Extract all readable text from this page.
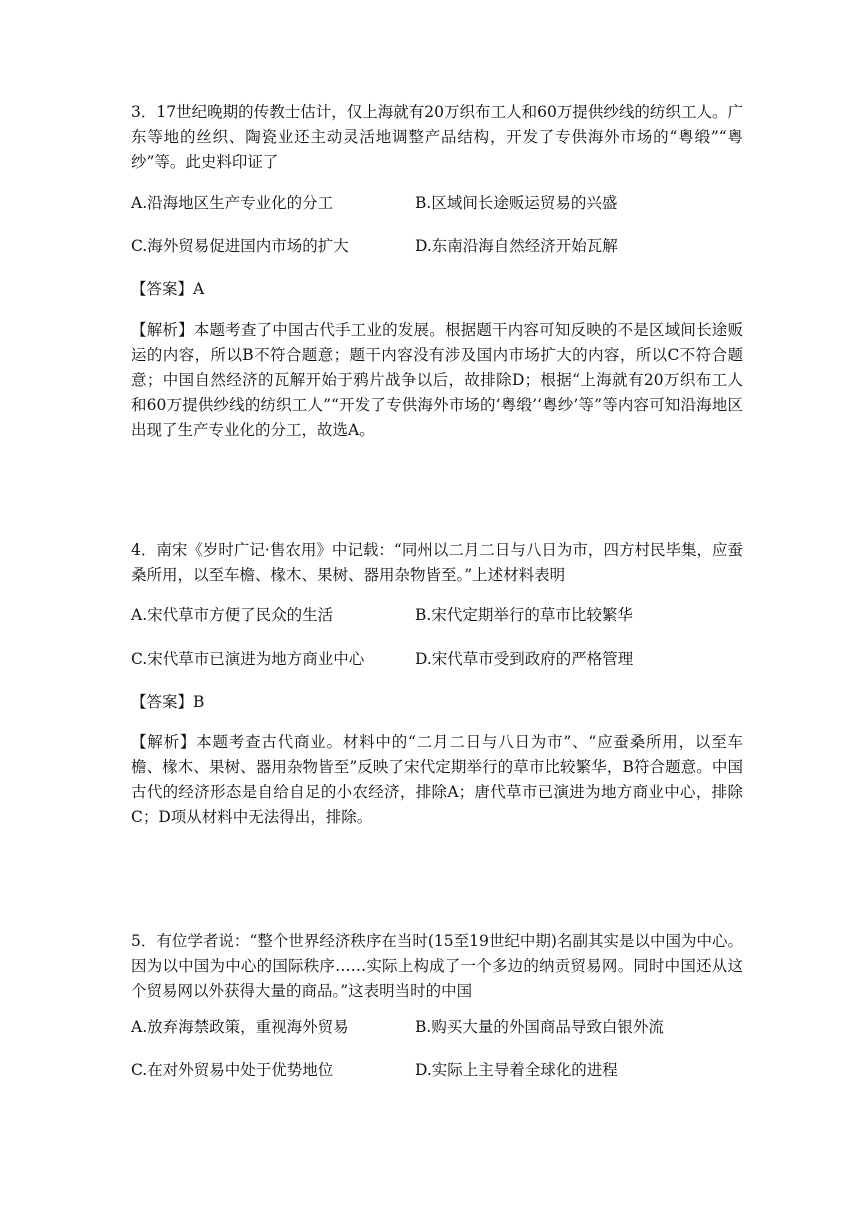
3．17世纪晚期的传教士估计，仅上海就有20万织布工人和60万提供纱线的纺织工人。广东等地的丝织、陶瓷业还主动灵活地调整产品结构，开发了专供海外市场的“粤缎”“粤纱”等。此史料印证了

A.沿海地区生产专业化的分工	B.区域间长途贩运贸易的兴盛
C.海外贸易促进国内市场的扩大	D.东南沿海自然经济开始瓦解
【答案】A

【解析】本题考查了中国古代手工业的发展。根据题干内容可知反映的不是区域间长途贩运的内容，所以B不符合题意；题干内容没有涉及国内市场扩大的内容，所以C不符合题意；中国自然经济的瓦解开始于鸦片战争以后，故排除D；根据“上海就有20万织布工人和60万提供纱线的纺织工人”“开发了专供海外市场的‘粤缎’‘粤纱’等”等内容可知沿海地区出现了生产专业化的分工，故选A。

4．南宋《岁时广记·售农用》中记载：“同州以二月二日与八日为市，四方村民毕集，应蚕桑所用，以至车檐、椽木、果树、器用杂物皆至。”上述材料表明

A.宋代草市方便了民众的生活	B.宋代定期举行的草市比较繁华
C.宋代草市已演进为地方商业中心	D.宋代草市受到政府的严格管理
【答案】B

【解析】本题考查古代商业。材料中的“二月二日与八日为市”、“应蚕桑所用，以至车檐、椽木、果树、器用杂物皆至”反映了宋代定期举行的草市比较繁华，B符合题意。中国古代的经济形态是自给自足的小农经济，排除A；唐代草市已演进为地方商业中心，排除C；D项从材料中无法得出，排除。

5．有位学者说：“整个世界经济秩序在当时(15至19世纪中期)名副其实是以中国为中心。因为以中国为中心的国际秩序……实际上构成了一个多边的纳贡贸易网。同时中国还从这个贸易网以外获得大量的商品。”这表明当时的中国

A.放弃海禁政策，重视海外贸易	B.购买大量的外国商品导致白银外流
C.在对外贸易中处于优势地位	D.实际上主导着全球化的进程
